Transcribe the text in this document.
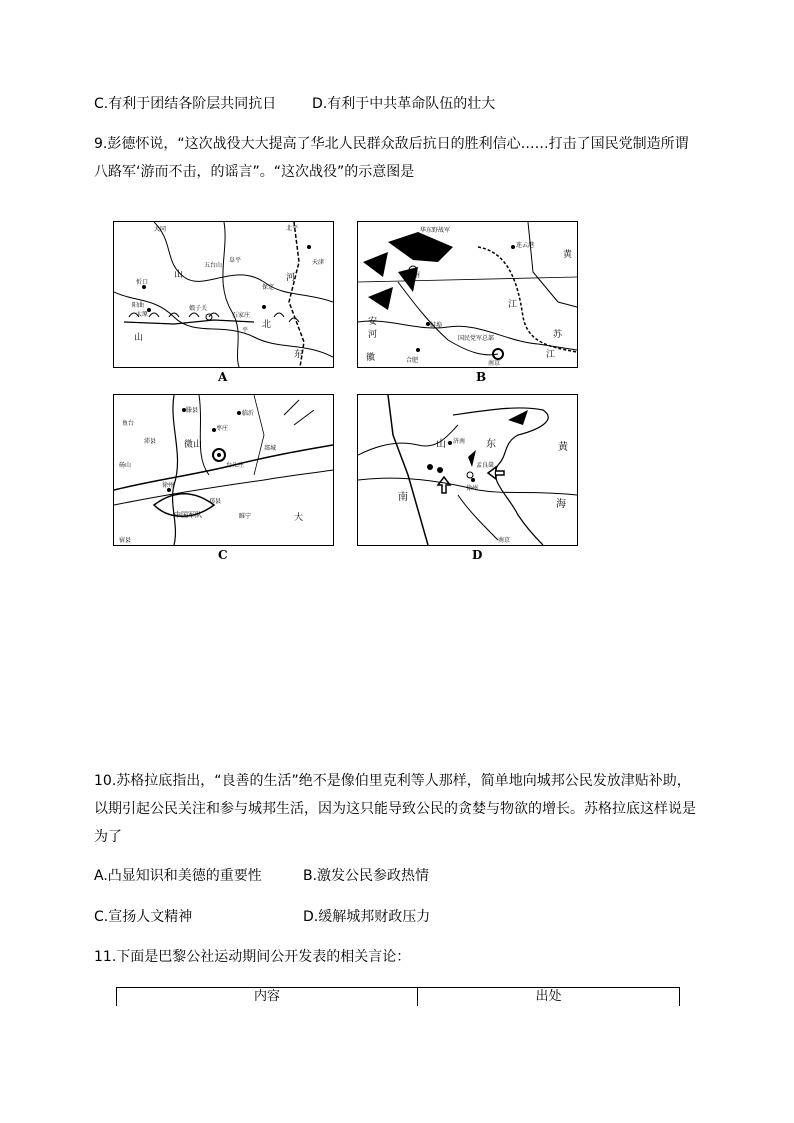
C.有利于团结各阶层共同抗日	D.有利于中共革命队伍的壮大
9.彭德怀说，“这次战役大大提高了华北人民群众敌后抗日的胜利信心……打击了国民党制造所谓
八路军‘游而不击，的谣言”。“这次战役”的示意图是
大同	北平
五台山
阜平	天津
忻口
阳曲
太原
山	河
北
山
东
娘子关
石家庄
保定
平
A
华东野战军
徐州
连云港
黄
江
苏
安
河
徽	合肥
蚌埠
国民党军总部
南京
江
B
滕县	临沂
鱼台
枣庄
沛县	微山	郯城
砀山	台儿庄
徐州
中国军队
邳县
睢宁
宿县
大
C
济南
山	东	黄
孟良崮
徐州
南
海
南京
D
10.苏格拉底指出，“良善的生活”绝不是像伯里克利等人那样，简单地向城邦公民发放津贴补助，
以期引起公民关注和参与城邦生活，因为这只能导致公民的贪婪与物欲的增长。苏格拉底这样说是
为了
A.凸显知识和美德的重要性	B.激发公民参政热情
C.宣扬人文精神	D.缓解城邦财政压力
11.下面是巴黎公社运动期间公开发表的相关言论：
内容	出处
